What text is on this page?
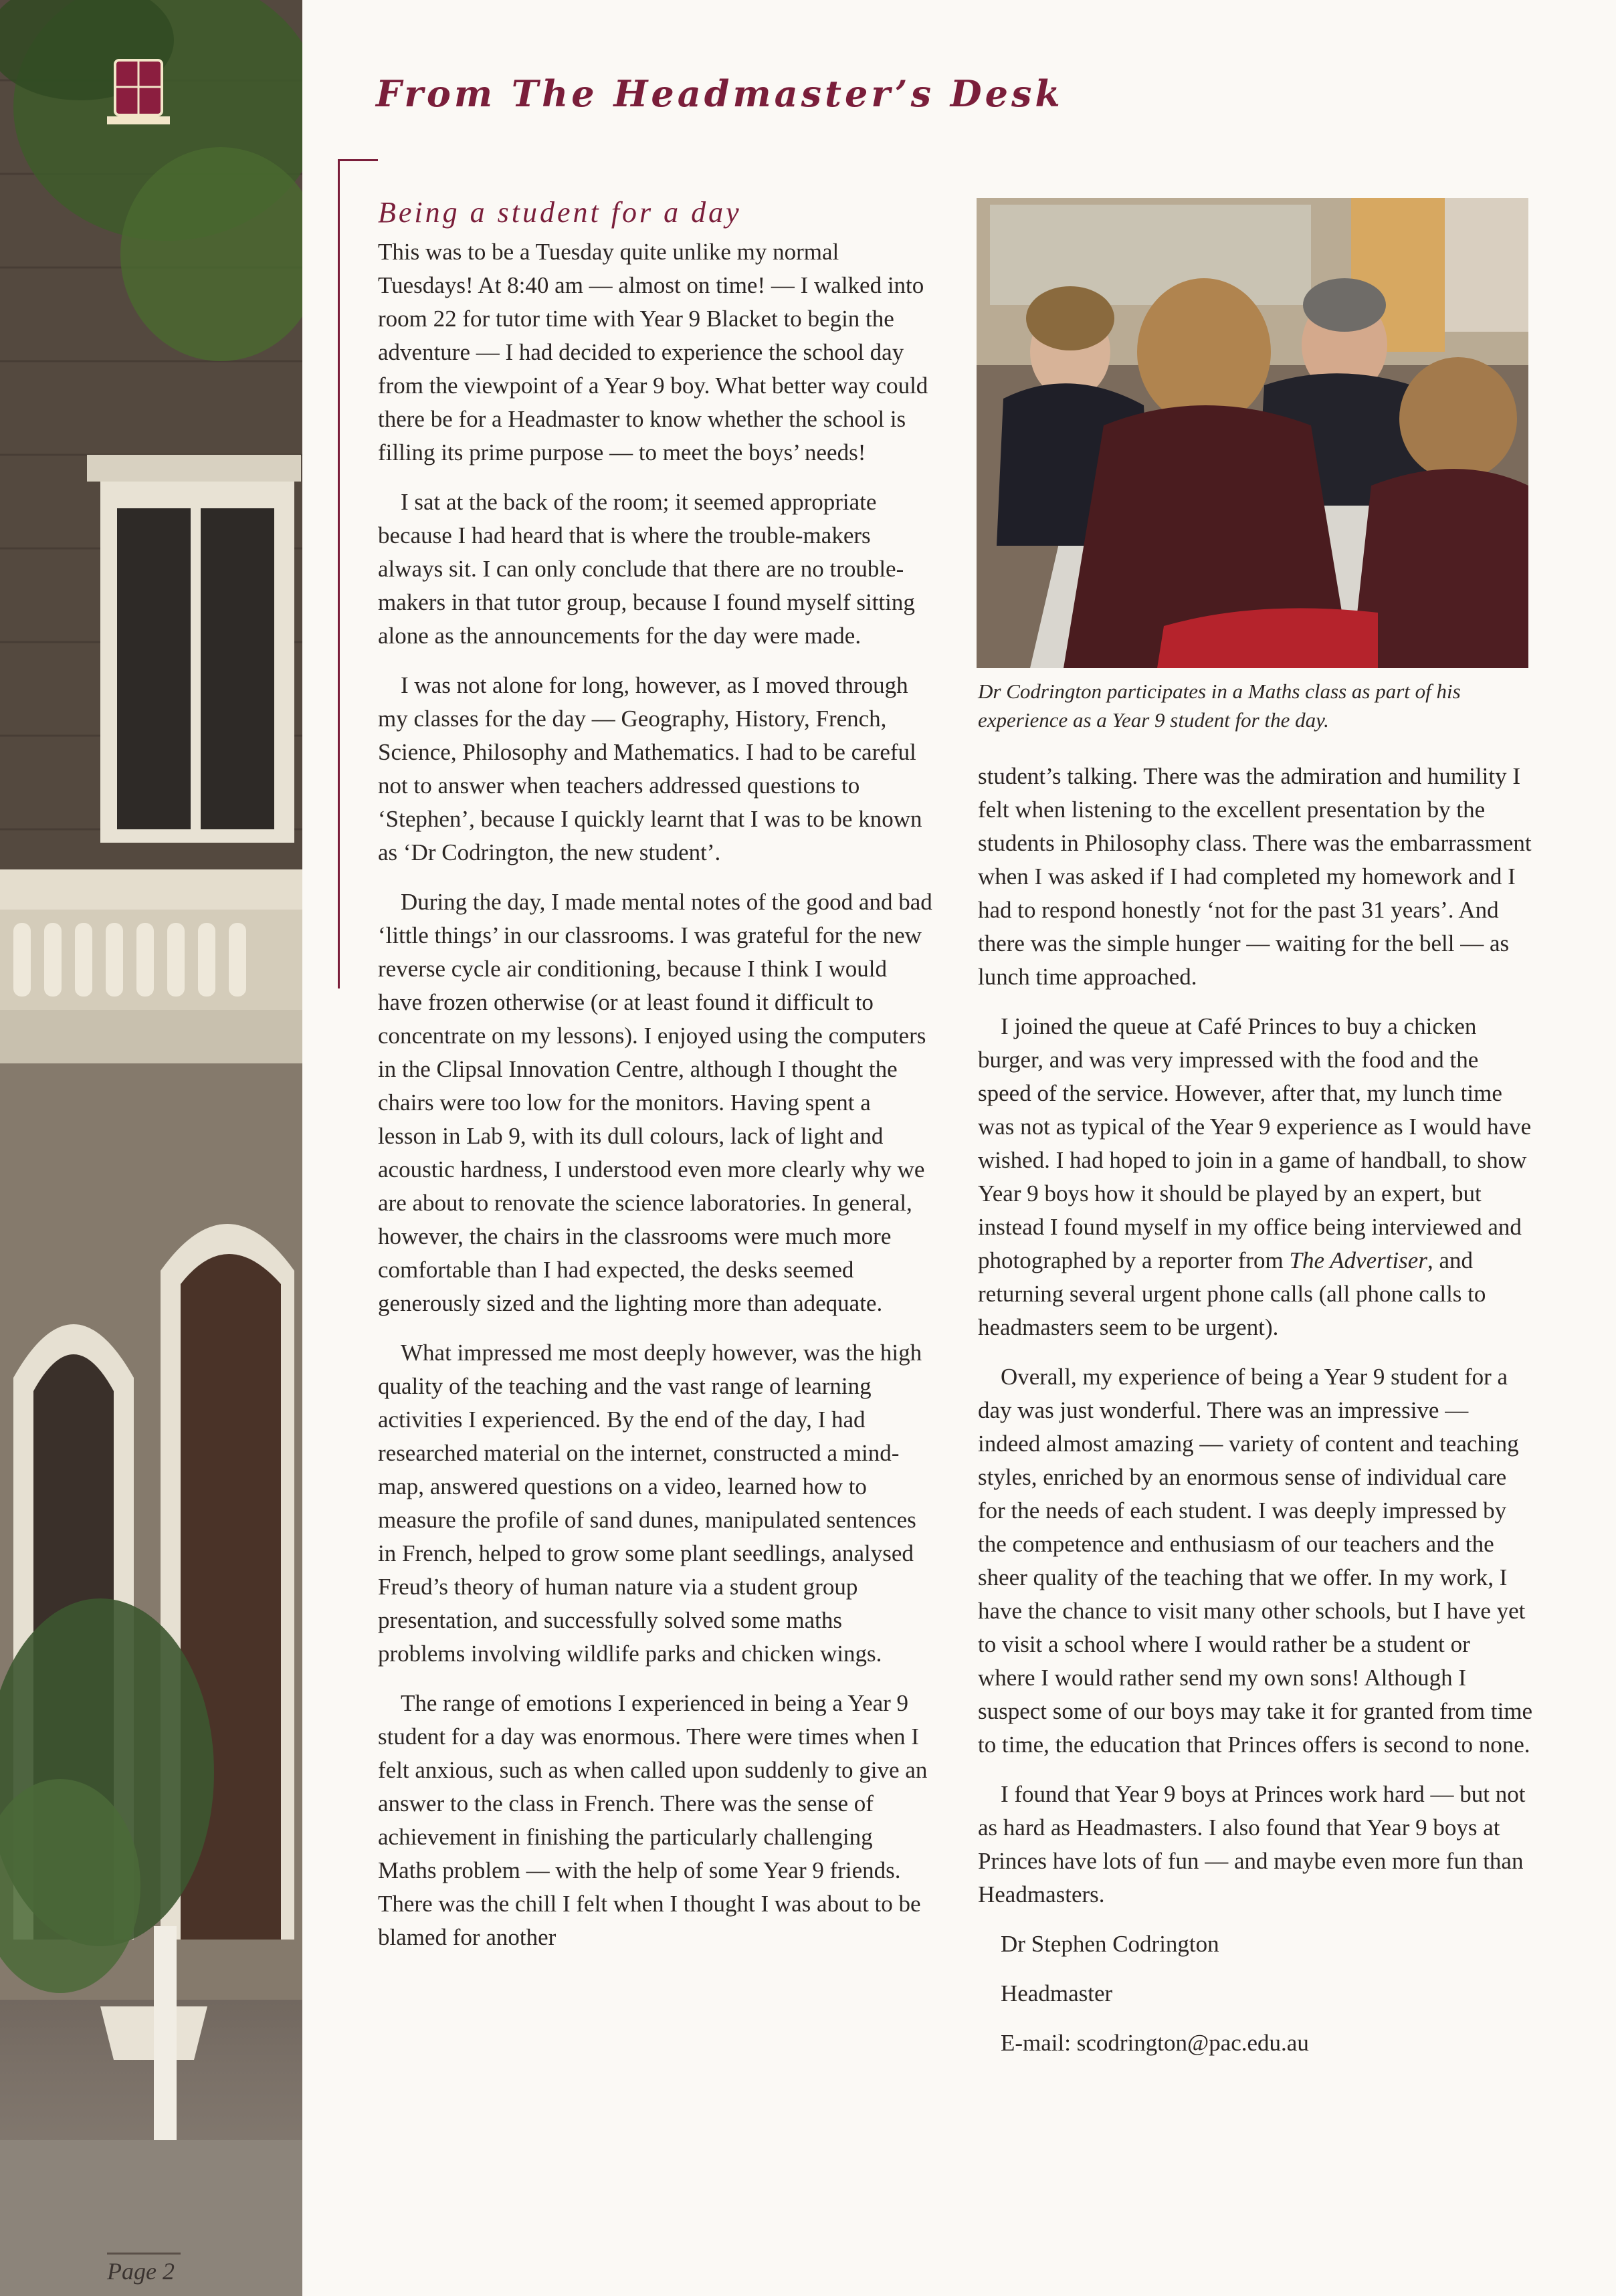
Page 2
From The Headmaster’s Desk
Being a student for a day

This was to be a Tuesday quite unlike my normal Tuesdays! At 8:40 am — almost on time! — I walked into room 22 for tutor time with Year 9 Blacket to begin the adventure — I had decided to experience the school day from the viewpoint of a Year 9 boy. What better way could there be for a Headmaster to know whether the school is filling its prime purpose — to meet the boys’ needs!

I sat at the back of the room; it seemed appropriate because I had heard that is where the trouble-makers always sit. I can only conclude that there are no trouble-makers in that tutor group, because I found myself sitting alone as the announcements for the day were made.

I was not alone for long, however, as I moved through my classes for the day — Geography, History, French, Science, Philosophy and Mathematics. I had to be careful not to answer when teachers addressed questions to ‘Stephen’, because I quickly learnt that I was to be known as ‘Dr Codrington, the new student’.

During the day, I made mental notes of the good and bad ‘little things’ in our classrooms. I was grateful for the new reverse cycle air conditioning, because I think I would have frozen otherwise (or at least found it difficult to concentrate on my lessons). I enjoyed using the computers in the Clipsal Innovation Centre, although I thought the chairs were too low for the monitors. Having spent a lesson in Lab 9, with its dull colours, lack of light and acoustic hardness, I understood even more clearly why we are about to renovate the science laboratories. In general, however, the chairs in the classrooms were much more comfortable than I had expected, the desks seemed generously sized and the lighting more than adequate.

What impressed me most deeply however, was the high quality of the teaching and the vast range of learning activities I experienced. By the end of the day, I had researched material on the internet, constructed a mind-map, answered questions on a video, learned how to measure the profile of sand dunes, manipulated sentences in French, helped to grow some plant seedlings, analysed Freud’s theory of human nature via a student group presentation, and successfully solved some maths problems involving wildlife parks and chicken wings.

The range of emotions I experienced in being a Year 9 student for a day was enormous. There were times when I felt anxious, such as when called upon suddenly to give an answer to the class in French. There was the sense of achievement in finishing the particularly challenging Maths problem — with the help of some Year 9 friends. There was the chill I felt when I thought I was about to be blamed for another

Dr Codrington participates in a Maths class as part of his experience as a Year 9 student for the day.

student’s talking. There was the admiration and humility I felt when listening to the excellent presentation by the students in Philosophy class. There was the embarrassment when I was asked if I had completed my homework and I had to respond honestly ‘not for the past 31 years’. And there was the simple hunger — waiting for the bell — as lunch time approached.

I joined the queue at Café Princes to buy a chicken burger, and was very impressed with the food and the speed of the service. However, after that, my lunch time was not as typical of the Year 9 experience as I would have wished. I had hoped to join in a game of handball, to show Year 9 boys how it should be played by an expert, but instead I found myself in my office being interviewed and photographed by a reporter from The Advertiser, and returning several urgent phone calls (all phone calls to headmasters seem to be urgent).

Overall, my experience of being a Year 9 student for a day was just wonderful. There was an impressive — indeed almost amazing — variety of content and teaching styles, enriched by an enormous sense of individual care for the needs of each student. I was deeply impressed by the competence and enthusiasm of our teachers and the sheer quality of the teaching that we offer. In my work, I have the chance to visit many other schools, but I have yet to visit a school where I would rather be a student or where I would rather send my own sons! Although I suspect some of our boys may take it for granted from time to time, the education that Princes offers is second to none.

I found that Year 9 boys at Princes work hard — but not as hard as Headmasters. I also found that Year 9 boys at Princes have lots of fun — and maybe even more fun than Headmasters.

Dr Stephen Codrington

Headmaster

E-mail: scodrington@pac.edu.au
